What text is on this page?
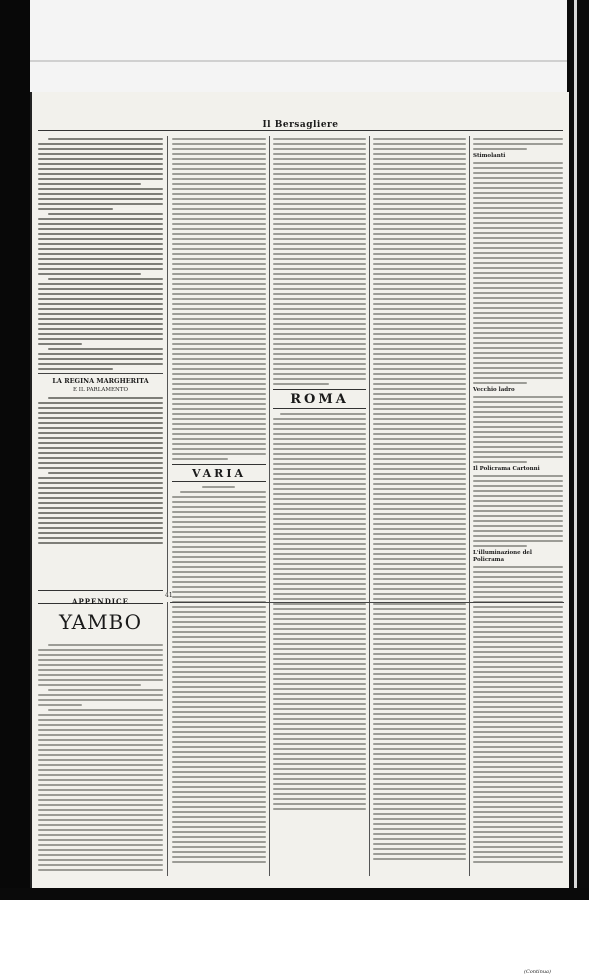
Il Bersagliere
LA REGINA MARGHERITA
E IL PARLAMENTO
VARIA
ROMA
Stimolanti
Vecchio ladro
Il Policrama Cartonni
L'illuminazione del Policrama
APPENDICE
41
YAMBO
(Continua)
